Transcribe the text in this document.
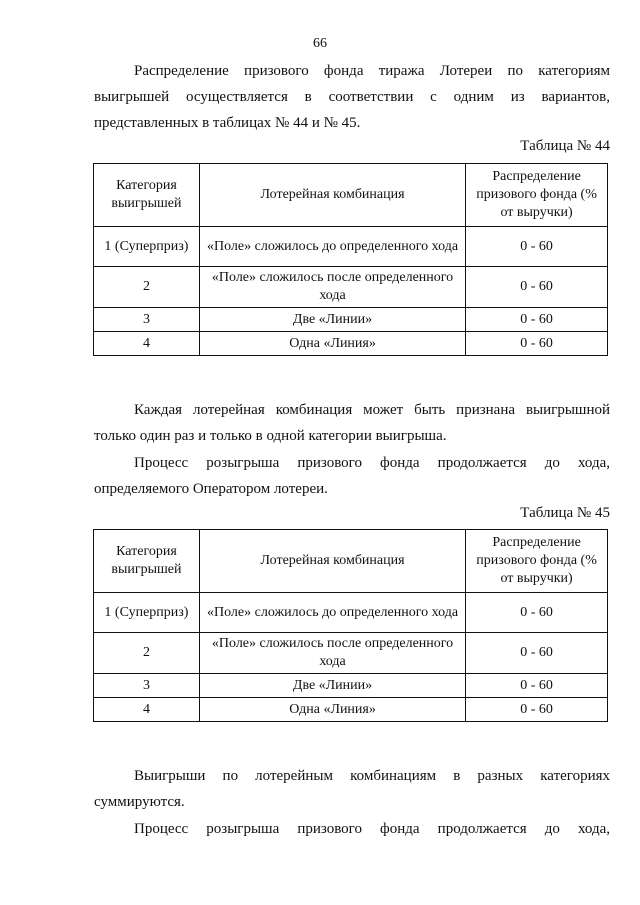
66

Распределение призового фонда тиража Лотереи по категориям выигрышей осуществляется в соответствии с одним из вариантов, представленных в таблицах № 44 и № 45.

Таблица № 44
Категория выигрышей	Лотерейная комбинация	Распределение призового фонда (% от выручки)
1 (Суперприз)	«Поле» сложилось до определенного хода	0 - 60
2	«Поле» сложилось после определенного хода	0 - 60
3	Две «Линии»	0 - 60
4	Одна «Линия»	0 - 60

Каждая лотерейная комбинация может быть признана выигрышной только один раз и только в одной категории выигрыша.

Процесс розыгрыша призового фонда продолжается до хода, определяемого Оператором лотереи.

Таблица № 45
Категория выигрышей	Лотерейная комбинация	Распределение призового фонда (% от выручки)
1 (Суперприз)	«Поле» сложилось до определенного хода	0 - 60
2	«Поле» сложилось после определенного хода	0 - 60
3	Две «Линии»	0 - 60
4	Одна «Линия»	0 - 60

Выигрыши по лотерейным комбинациям в разных категориях суммируются.

Процесс розыгрыша призового фонда продолжается до хода,
